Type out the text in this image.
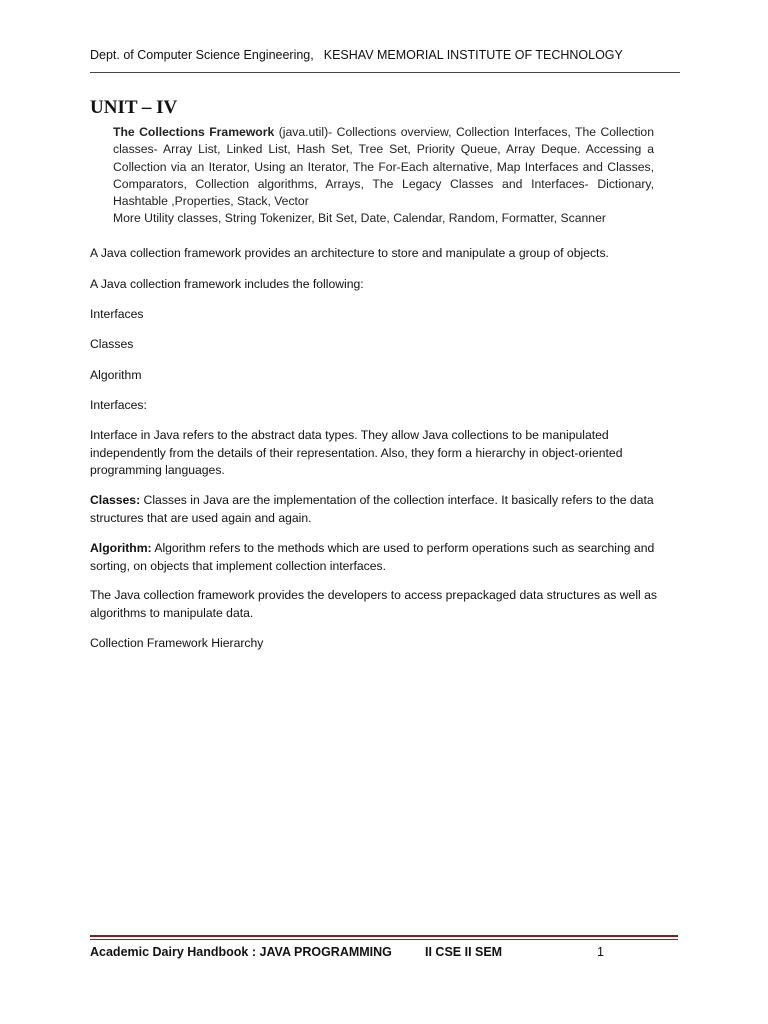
Dept. of Computer Science Engineering, KESHAV MEMORIAL INSTITUTE OF TECHNOLOGY
UNIT – IV
The Collections Framework (java.util)- Collections overview, Collection Interfaces, The Collection classes- Array List, Linked List, Hash Set, Tree Set, Priority Queue, Array Deque. Accessing a Collection via an Iterator, Using an Iterator, The For-Each alternative, Map Interfaces and Classes, Comparators, Collection algorithms, Arrays, The Legacy Classes and Interfaces- Dictionary, Hashtable ,Properties, Stack, Vector
More Utility classes, String Tokenizer, Bit Set, Date, Calendar, Random, Formatter, Scanner
A Java collection framework provides an architecture to store and manipulate a group of objects.
A Java collection framework includes the following:
Interfaces
Classes
Algorithm
Interfaces:
Interface in Java refers to the abstract data types. They allow Java collections to be manipulated independently from the details of their representation. Also, they form a hierarchy in object-oriented programming languages.
Classes: Classes in Java are the implementation of the collection interface. It basically refers to the data structures that are used again and again.
Algorithm: Algorithm refers to the methods which are used to perform operations such as searching and sorting, on objects that implement collection interfaces.
The Java collection framework provides the developers to access prepackaged data structures as well as algorithms to manipulate data.
Collection Framework Hierarchy
Academic Dairy Handbook : JAVA PROGRAMMING	II CSE II SEM	1
